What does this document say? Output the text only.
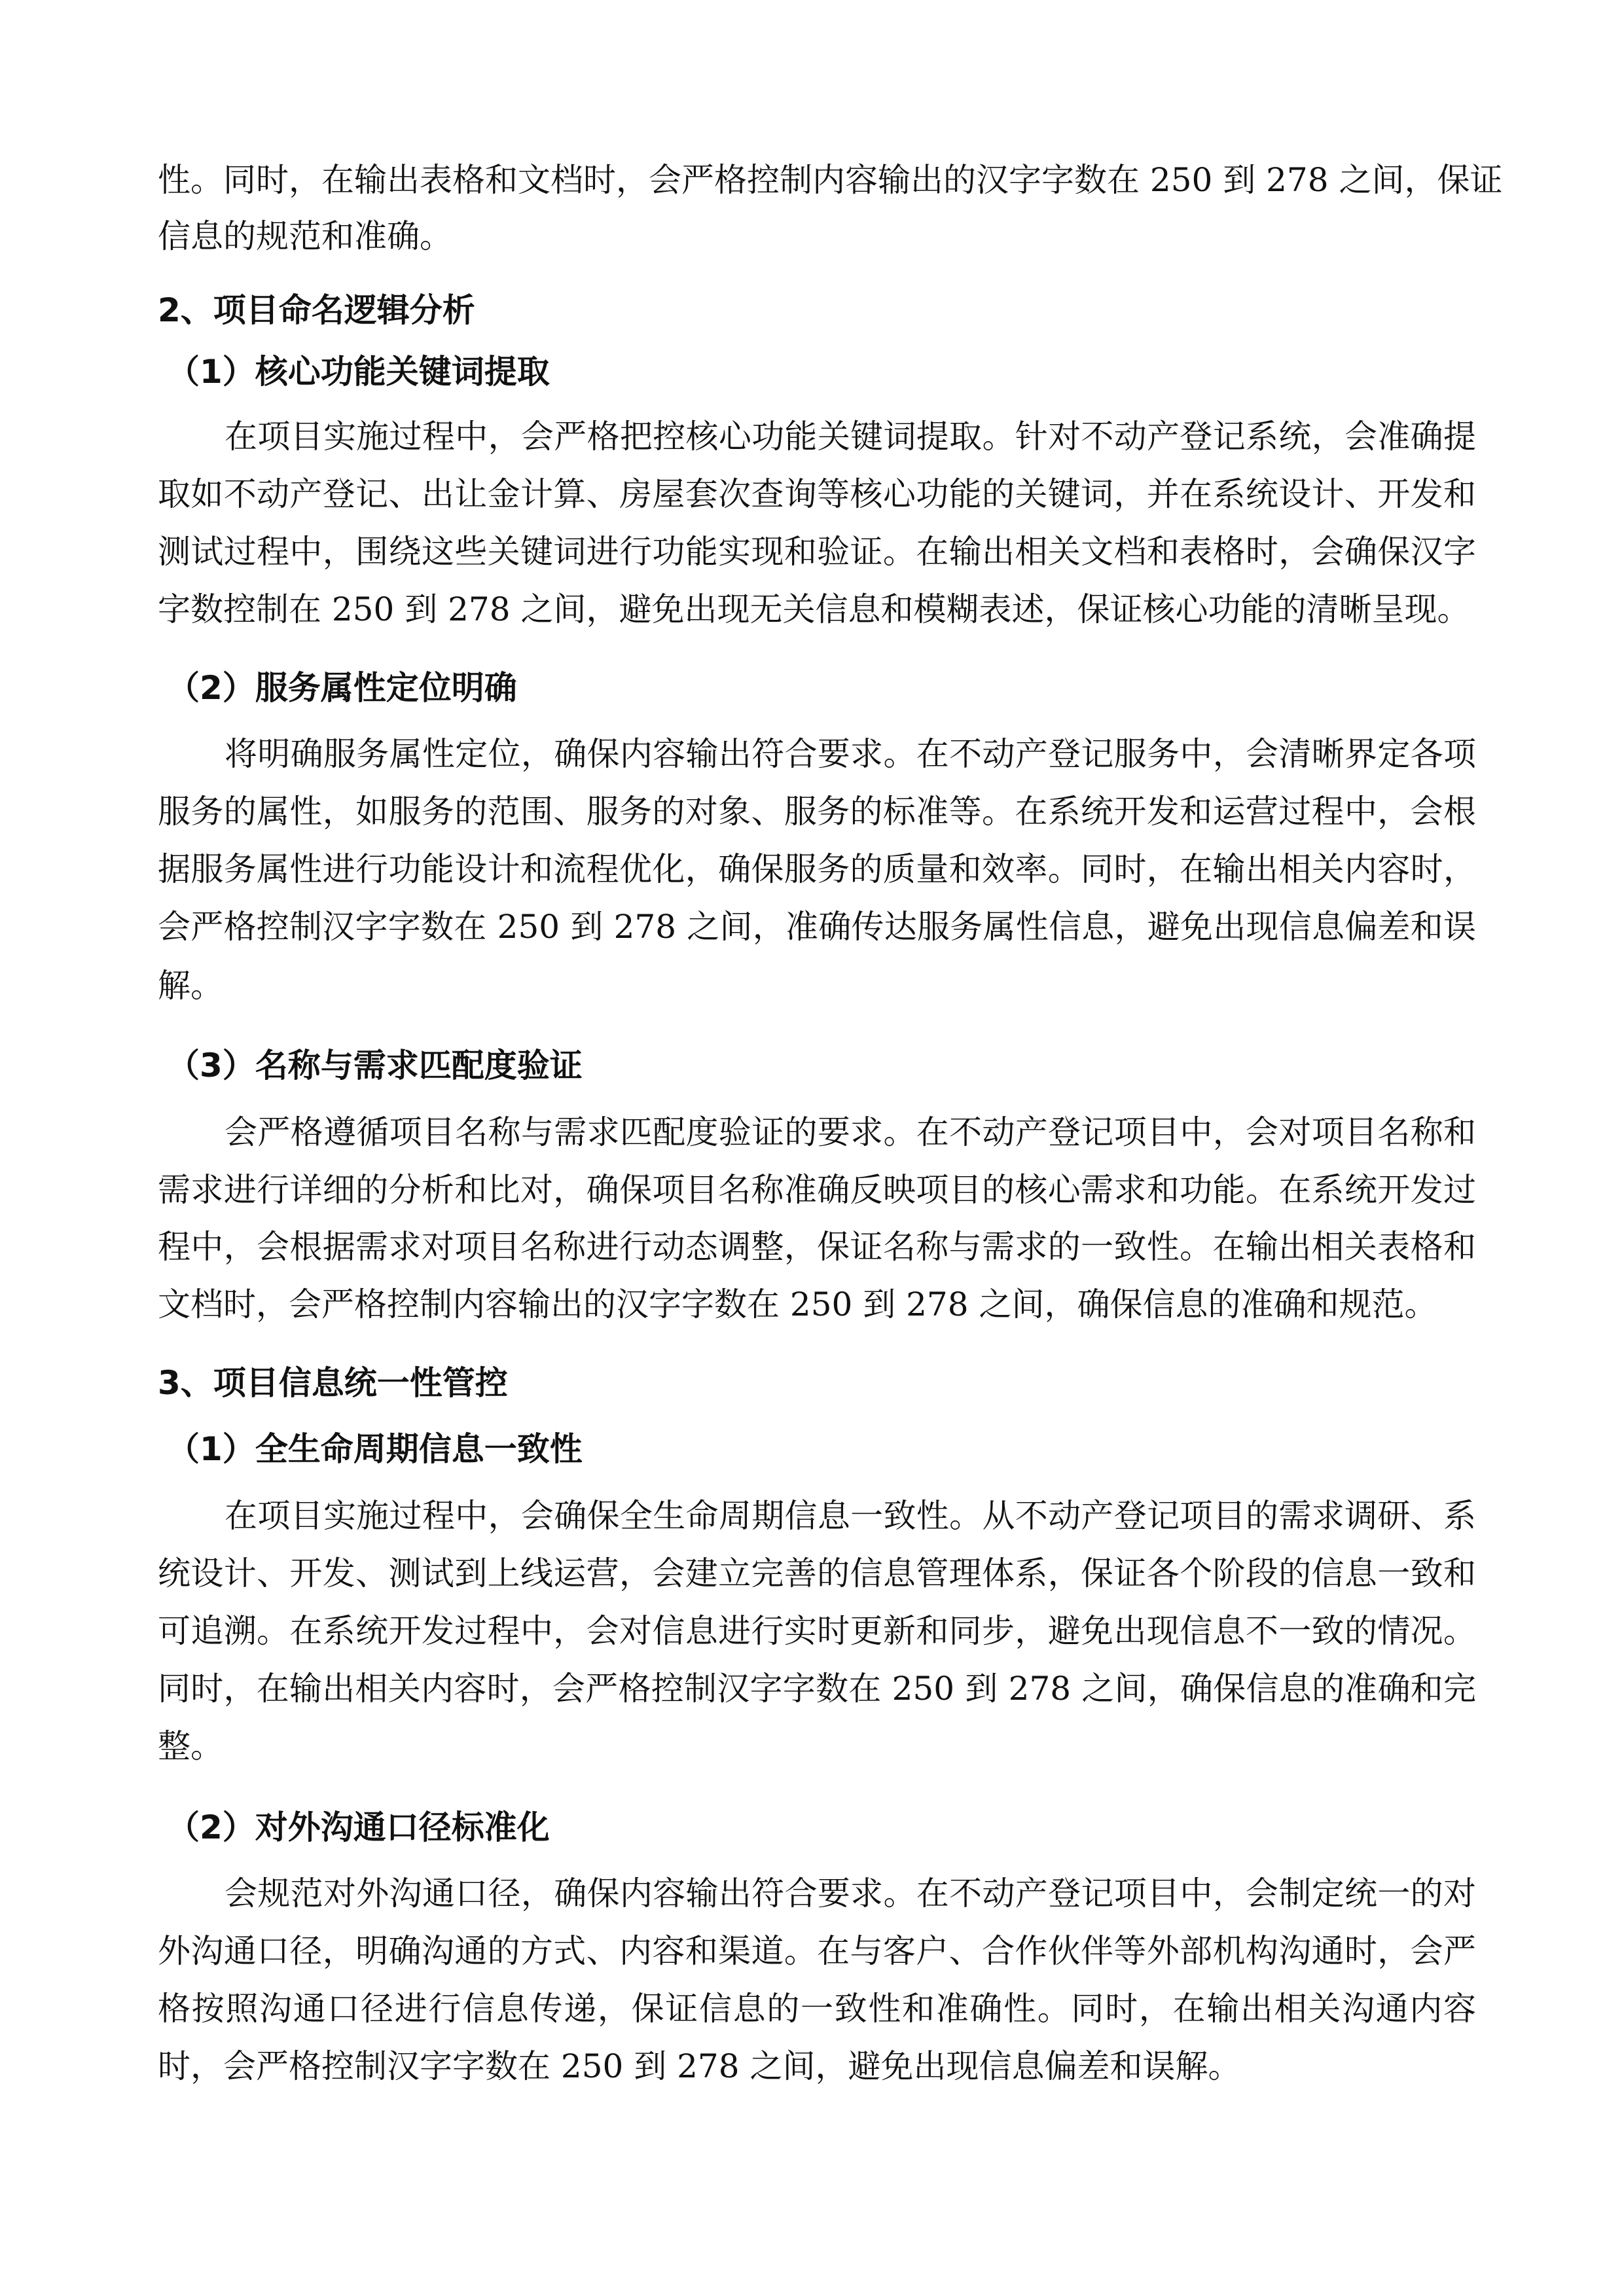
性。同时，在输出表格和文档时，会严格控制内容输出的汉字字数在 250 到 278 之间，保证
信息的规范和准确。
2、项目命名逻辑分析
（1）核心功能关键词提取
在项目实施过程中，会严格把控核心功能关键词提取。针对不动产登记系统，会准确提
取如不动产登记、出让金计算、房屋套次查询等核心功能的关键词，并在系统设计、开发和
测试过程中，围绕这些关键词进行功能实现和验证。在输出相关文档和表格时，会确保汉字
字数控制在 250 到 278 之间，避免出现无关信息和模糊表述，保证核心功能的清晰呈现。
（2）服务属性定位明确
将明确服务属性定位，确保内容输出符合要求。在不动产登记服务中，会清晰界定各项
服务的属性，如服务的范围、服务的对象、服务的标准等。在系统开发和运营过程中，会根
据服务属性进行功能设计和流程优化，确保服务的质量和效率。同时，在输出相关内容时，
会严格控制汉字字数在 250 到 278 之间，准确传达服务属性信息，避免出现信息偏差和误
解。
（3）名称与需求匹配度验证
会严格遵循项目名称与需求匹配度验证的要求。在不动产登记项目中，会对项目名称和
需求进行详细的分析和比对，确保项目名称准确反映项目的核心需求和功能。在系统开发过
程中，会根据需求对项目名称进行动态调整，保证名称与需求的一致性。在输出相关表格和
文档时，会严格控制内容输出的汉字字数在 250 到 278 之间，确保信息的准确和规范。
3、项目信息统一性管控
（1）全生命周期信息一致性
在项目实施过程中，会确保全生命周期信息一致性。从不动产登记项目的需求调研、系
统设计、开发、测试到上线运营，会建立完善的信息管理体系，保证各个阶段的信息一致和
可追溯。在系统开发过程中，会对信息进行实时更新和同步，避免出现信息不一致的情况。
同时，在输出相关内容时，会严格控制汉字字数在 250 到 278 之间，确保信息的准确和完
整。
（2）对外沟通口径标准化
会规范对外沟通口径，确保内容输出符合要求。在不动产登记项目中，会制定统一的对
外沟通口径，明确沟通的方式、内容和渠道。在与客户、合作伙伴等外部机构沟通时，会严
格按照沟通口径进行信息传递，保证信息的一致性和准确性。同时，在输出相关沟通内容
时，会严格控制汉字字数在 250 到 278 之间，避免出现信息偏差和误解。
